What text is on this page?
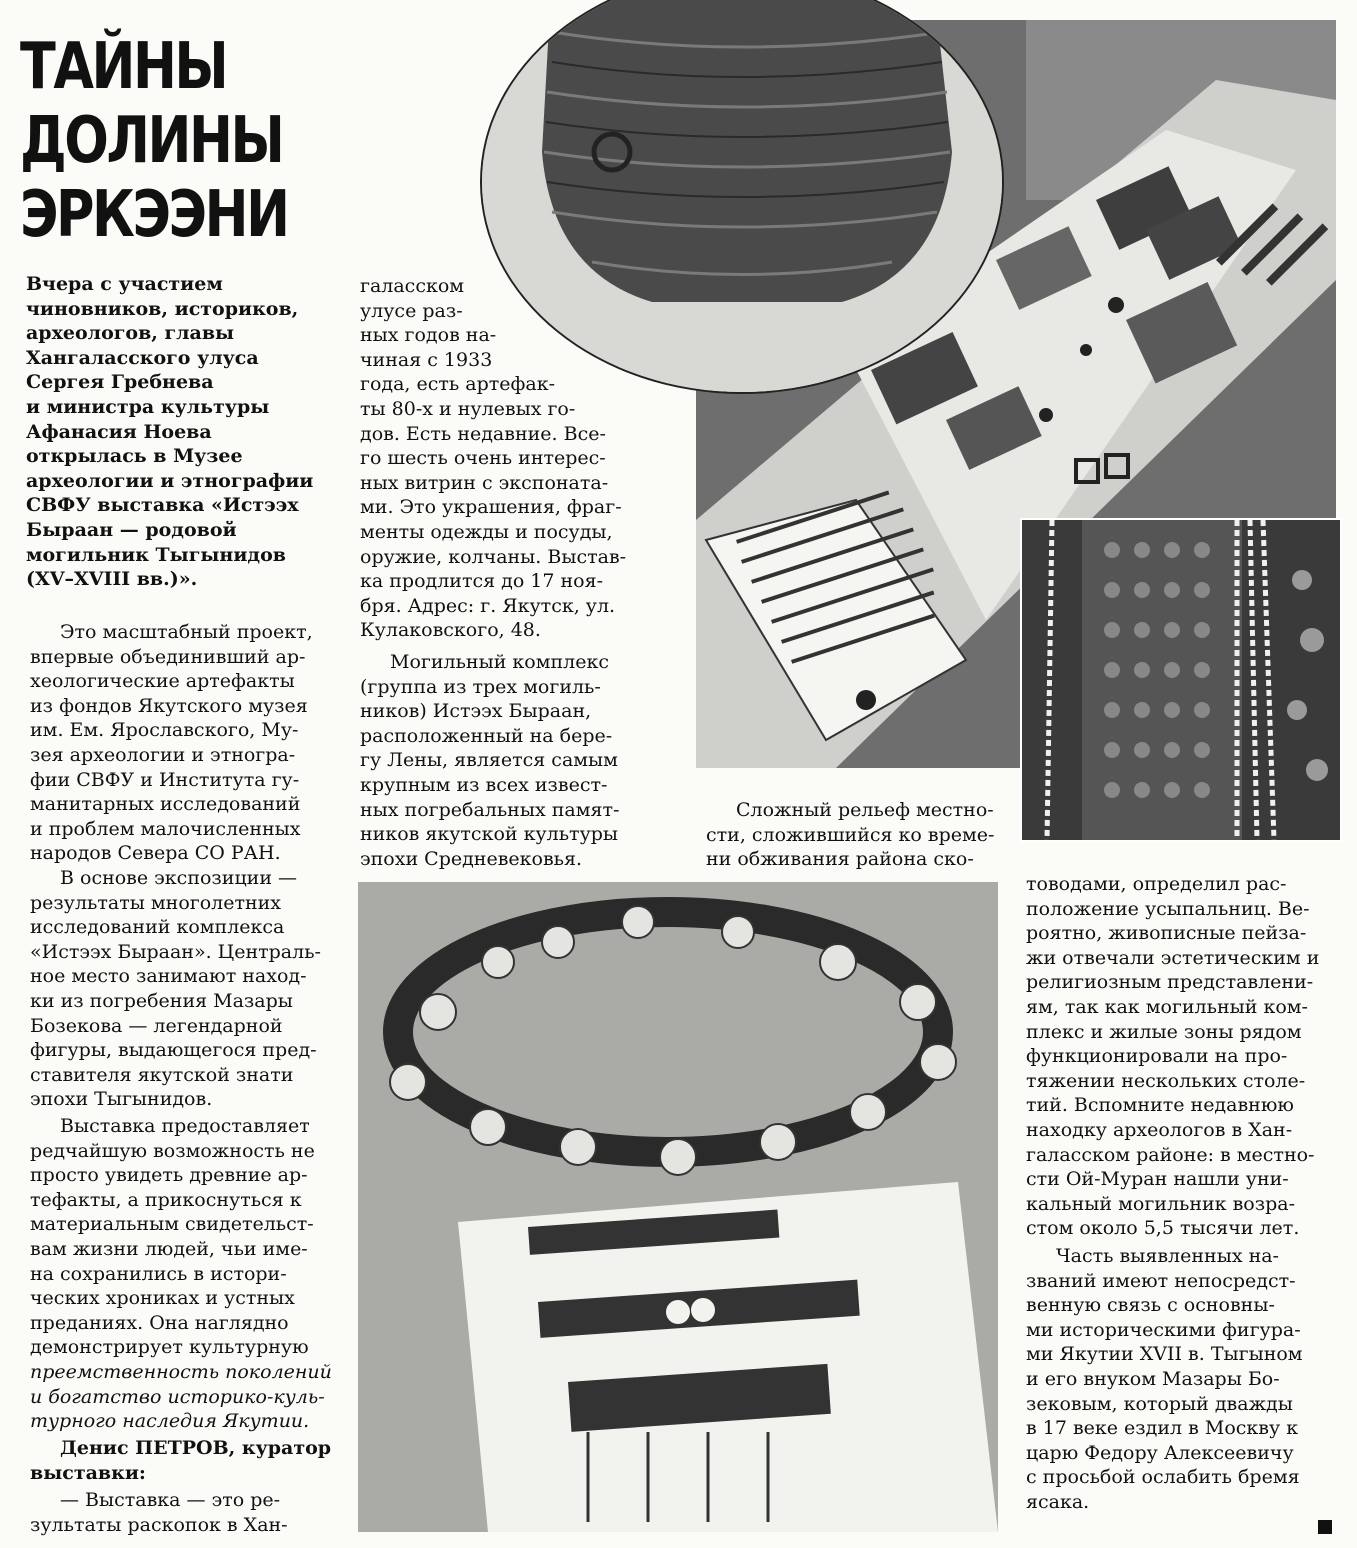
ТАЙНЫ
ДОЛИНЫ
ЭРКЭЭНИ
Вчера с участием
чиновников, историков,
археологов, главы
Хангаласского улуса
Сергея Гребнева
и министра культуры
Афанасия Ноева
открылась в Музее
археологии и этнографии
СВФУ выставка «Истээх
Быраан — родовой
могильник Тыгынидов
(XV–XVIII вв.)».
Это масштабный проект,
впервые объединивший ар-
хеологические артефакты
из фондов Якутского музея
им. Ем. Ярославского, Му-
зея археологии и этногра-
фии СВФУ и Института гу-
манитарных исследований
и проблем малочисленных
народов Севера СО РАН.
В основе экспозиции —
результаты многолетних
исследований комплекса
«Истээх Быраан». Централь-
ное место занимают наход-
ки из погребения Мазары
Бозекова — легендарной
фигуры, выдающегося пред-
ставителя якутской знати
эпохи Тыгынидов.
Выставка предоставляет
редчайшую возможность не
просто увидеть древние ар-
тефакты, а прикоснуться к
материальным свидетельст-
вам жизни людей, чьи име-
на сохранились в истори-
ческих хрониках и устных
преданиях. Она наглядно
демонстрирует культурную
преемственность поколений
и богатство историко-куль-
турного наследия Якутии.
Денис ПЕТРОВ, куратор
выставки:
— Выставка — это ре-
зультаты раскопок в Хан-
галасском
улусе раз-
ных годов на-
чиная с 1933
года, есть артефак-
ты 80-х и нулевых го-
дов. Есть недавние. Все-
го шесть очень интерес-
ных витрин с экспоната-
ми. Это украшения, фраг-
менты одежды и посуды,
оружие, колчаны. Выстав-
ка продлится до 17 ноя-
бря. Адрес: г. Якутск, ул.
Кулаковского, 48.
Могильный комплекс
(группа из трех могиль-
ников) Истээх Быраан,
расположенный на бере-
гу Лены, является самым
крупным из всех извест-
ных погребальных памят-
ников якутской культуры
эпохи Средневековья.
Сложный рельеф местно-
сти, сложившийся ко време-
ни обживания района ско-
товодами, определил рас-
положение усыпальниц. Ве-
роятно, живописные пейза-
жи отвечали эстетическим и
религиозным представлени-
ям, так как могильный ком-
плекс и жилые зоны рядом
функционировали на про-
тяжении нескольких столе-
тий. Вспомните недавнюю
находку археологов в Хан-
галасском районе: в местно-
сти Ой-Муран нашли уни-
кальный могильник возра-
стом около 5,5 тысячи лет.
Часть выявленных на-
званий имеют непосредст-
венную связь с основны-
ми историческими фигура-
ми Якутии XVII в. Тыгыном
и его внуком Мазары Бо-
зековым, который дважды
в 17 веке ездил в Москву к
царю Федору Алексеевичу
с просьбой ослабить бремя
ясака.
